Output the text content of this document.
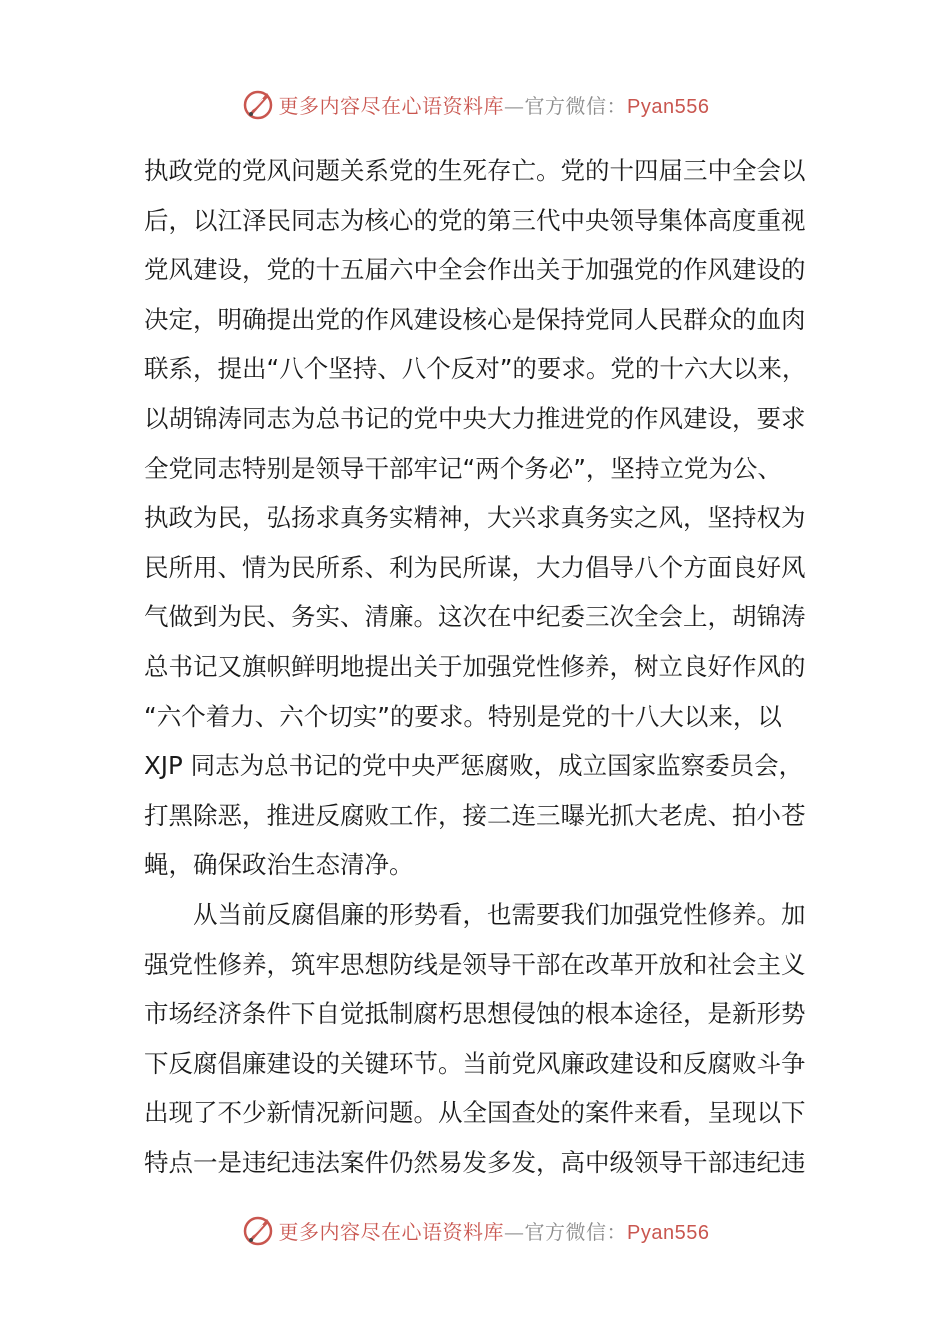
更多内容尽在心语资料库—官方微信：Pyan556
执政党的党风问题关系党的生死存亡。党的十四届三中全会以
后，以江泽民同志为核心的党的第三代中央领导集体高度重视
党风建设，党的十五届六中全会作出关于加强党的作风建设的
决定，明确提出党的作风建设核心是保持党同人民群众的血肉
联系，提出“八个坚持、八个反对”的要求。党的十六大以来，
以胡锦涛同志为总书记的党中央大力推进党的作风建设，要求
全党同志特别是领导干部牢记“两个务必”，坚持立党为公、
执政为民，弘扬求真务实精神，大兴求真务实之风，坚持权为
民所用、情为民所系、利为民所谋，大力倡导八个方面良好风
气做到为民、务实、清廉。这次在中纪委三次全会上，胡锦涛
总书记又旗帜鲜明地提出关于加强党性修养，树立良好作风的
“六个着力、六个切实”的要求。特别是党的十八大以来，以
XJP 同志为总书记的党中央严惩腐败，成立国家监察委员会，
打黑除恶，推进反腐败工作，接二连三曝光抓大老虎、拍小苍
蝇，确保政治生态清净。
从当前反腐倡廉的形势看，也需要我们加强党性修养。加
强党性修养，筑牢思想防线是领导干部在改革开放和社会主义
市场经济条件下自觉抵制腐朽思想侵蚀的根本途径，是新形势
下反腐倡廉建设的关键环节。当前党风廉政建设和反腐败斗争
出现了不少新情况新问题。从全国查处的案件来看，呈现以下
特点一是违纪违法案件仍然易发多发，高中级领导干部违纪违
更多内容尽在心语资料库—官方微信：Pyan556
